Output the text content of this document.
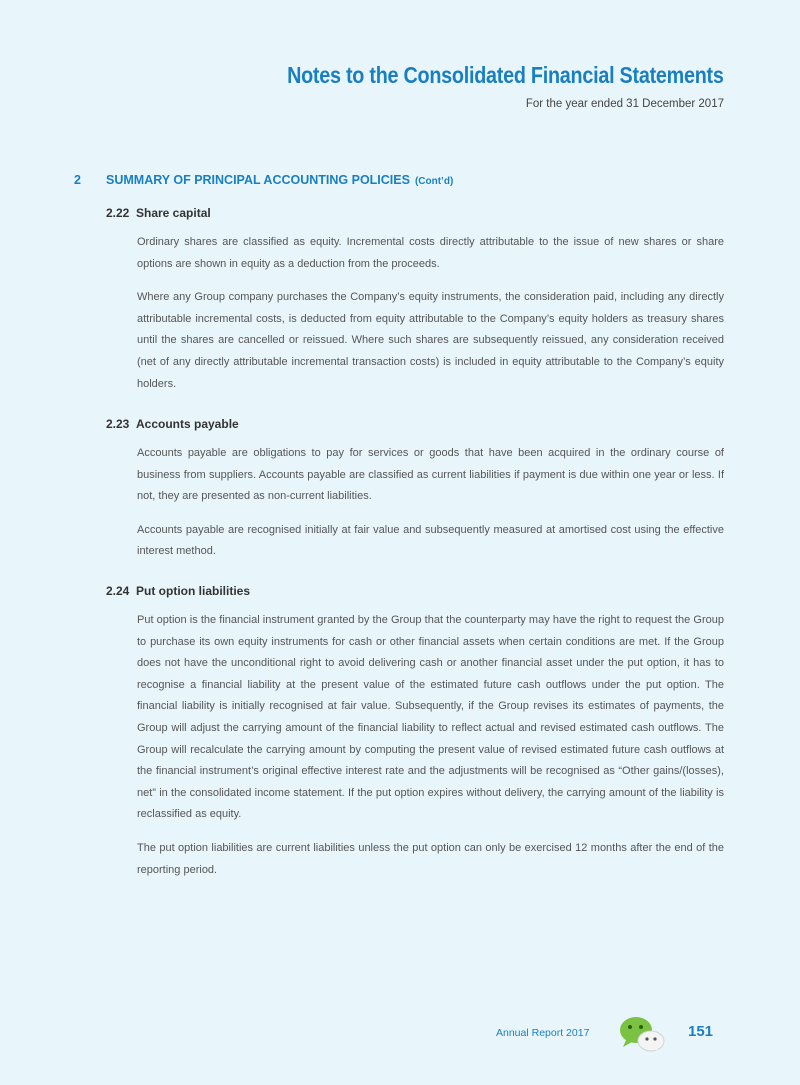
Notes to the Consolidated Financial Statements
For the year ended 31 December 2017
2	SUMMARY OF PRINCIPAL ACCOUNTING POLICIES (Cont’d)
2.22 Share capital

Ordinary shares are classified as equity. Incremental costs directly attributable to the issue of new shares or share options are shown in equity as a deduction from the proceeds.

Where any Group company purchases the Company’s equity instruments, the consideration paid, including any directly attributable incremental costs, is deducted from equity attributable to the Company’s equity holders as treasury shares until the shares are cancelled or reissued. Where such shares are subsequently reissued, any consideration received (net of any directly attributable incremental transaction costs) is included in equity attributable to the Company’s equity holders.

2.23 Accounts payable

Accounts payable are obligations to pay for services or goods that have been acquired in the ordinary course of business from suppliers. Accounts payable are classified as current liabilities if payment is due within one year or less. If not, they are presented as non-current liabilities.

Accounts payable are recognised initially at fair value and subsequently measured at amortised cost using the effective interest method.

2.24 Put option liabilities

Put option is the financial instrument granted by the Group that the counterparty may have the right to request the Group to purchase its own equity instruments for cash or other financial assets when certain conditions are met. If the Group does not have the unconditional right to avoid delivering cash or another financial asset under the put option, it has to recognise a financial liability at the present value of the estimated future cash outflows under the put option. The financial liability is initially recognised at fair value. Subsequently, if the Group revises its estimates of payments, the Group will adjust the carrying amount of the financial liability to reflect actual and revised estimated cash outflows. The Group will recalculate the carrying amount by computing the present value of revised estimated future cash outflows at the financial instrument’s original effective interest rate and the adjustments will be recognised as “Other gains/(losses), net” in the consolidated income statement. If the put option expires without delivery, the carrying amount of the liability is reclassified as equity.

The put option liabilities are current liabilities unless the put option can only be exercised 12 months after the end of the reporting period.

Annual Report 2017	151
